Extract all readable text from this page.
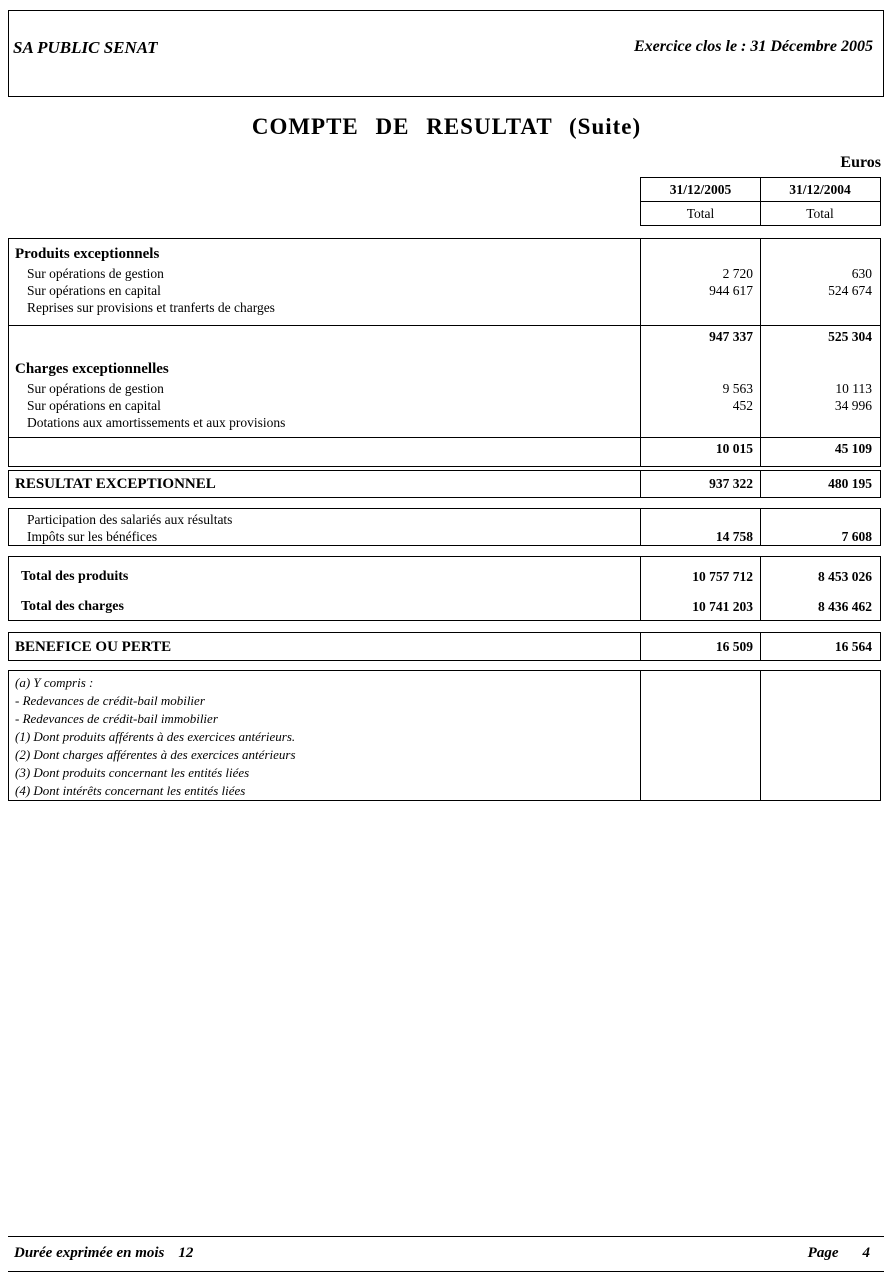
SA PUBLIC SENAT	Exercice clos le : 31 Décembre 2005
COMPTE DE RESULTAT (Suite)
Euros
31/12/2005	31/12/2004
Total	Total
Produits exceptionnels
Sur opérations de gestion	2 720	630
Sur opérations en capital	944 617	524 674
Reprises sur provisions et tranferts de charges
947 337	525 304
Charges exceptionnelles
Sur opérations de gestion	9 563	10 113
Sur opérations en capital	452	34 996
Dotations aux amortissements et aux provisions
10 015	45 109
RESULTAT EXCEPTIONNEL	937 322	480 195
Participation des salariés aux résultats
Impôts sur les bénéfices	14 758	7 608
Total des produits	10 757 712	8 453 026
Total des charges	10 741 203	8 436 462
BENEFICE OU PERTE	16 509	16 564
(a) Y compris :
- Redevances de crédit-bail mobilier
- Redevances de crédit-bail immobilier
(1) Dont produits afférents à des exercices antérieurs.
(2) Dont charges afférentes à des exercices antérieurs
(3) Dont produits concernant les entités liées
(4) Dont intérêts concernant les entités liées
Durée exprimée en mois 12	Page 4
